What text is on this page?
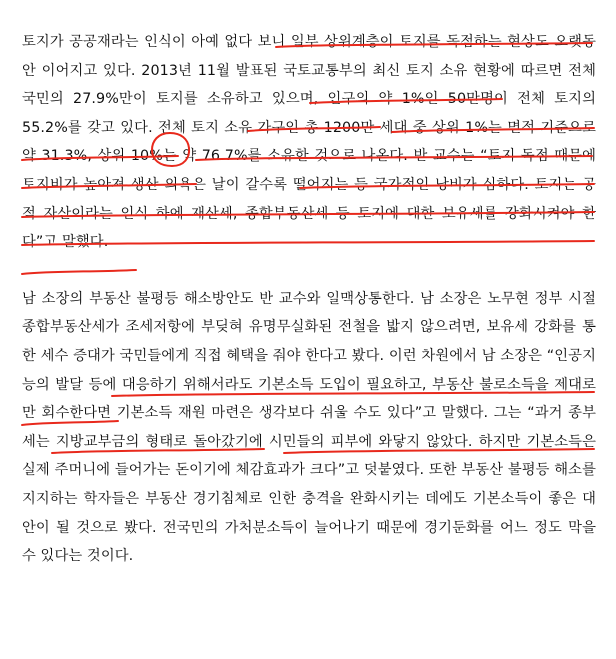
토지가 공공재라는 인식이 아예 없다 보니 일부 상위계층이 토지를 독점하는 현상도 오랫동안 이어지고 있다. 2013년 11월 발표된 국토교통부의 최신 토지 소유 현황에 따르면 전체 국민의 27.9%만이 토지를 소유하고 있으며, 인구의 약 1%인 50만명이 전체 토지의 55.2%를 갖고 있다. 전체 토지 소유 가구인 총 1200만 세대 중 상위 1%는 면적 기준으로 약 31.3%, 상위 10%는 약 76.7%를 소유한 것으로 나온다. 반 교수는 “토지 독점 때문에 토지비가 높아져 생산 의욕은 날이 갈수록 떨어지는 등 국가적인 낭비가 심하다. 토지는 공적 자산이라는 인식 하에 재산세, 종합부동산세 등 토지에 대한 보유세를 강화시켜야 한다”고 말했다.

남 소장의 부동산 불평등 해소방안도 반 교수와 일맥상통한다. 남 소장은 노무현 정부 시절 종합부동산세가 조세저항에 부딪혀 유명무실화된 전철을 밟지 않으려면, 보유세 강화를 통한 세수 증대가 국민들에게 직접 혜택을 줘야 한다고 봤다. 이런 차원에서 남 소장은 “인공지능의 발달 등에 대응하기 위해서라도 기본소득 도입이 필요하고, 부동산 불로소득을 제대로만 회수한다면 기본소득 재원 마련은 생각보다 쉬울 수도 있다”고 말했다. 그는 “과거 종부세는 지방교부금의 형태로 돌아갔기에 시민들의 피부에 와닿지 않았다. 하지만 기본소득은 실제 주머니에 들어가는 돈이기에 체감효과가 크다”고 덧붙였다. 또한 부동산 불평등 해소를 지지하는 학자들은 부동산 경기침체로 인한 충격을 완화시키는 데에도 기본소득이 좋은 대안이 될 것으로 봤다. 전국민의 가처분소득이 늘어나기 때문에 경기둔화를 어느 정도 막을 수 있다는 것이다.
